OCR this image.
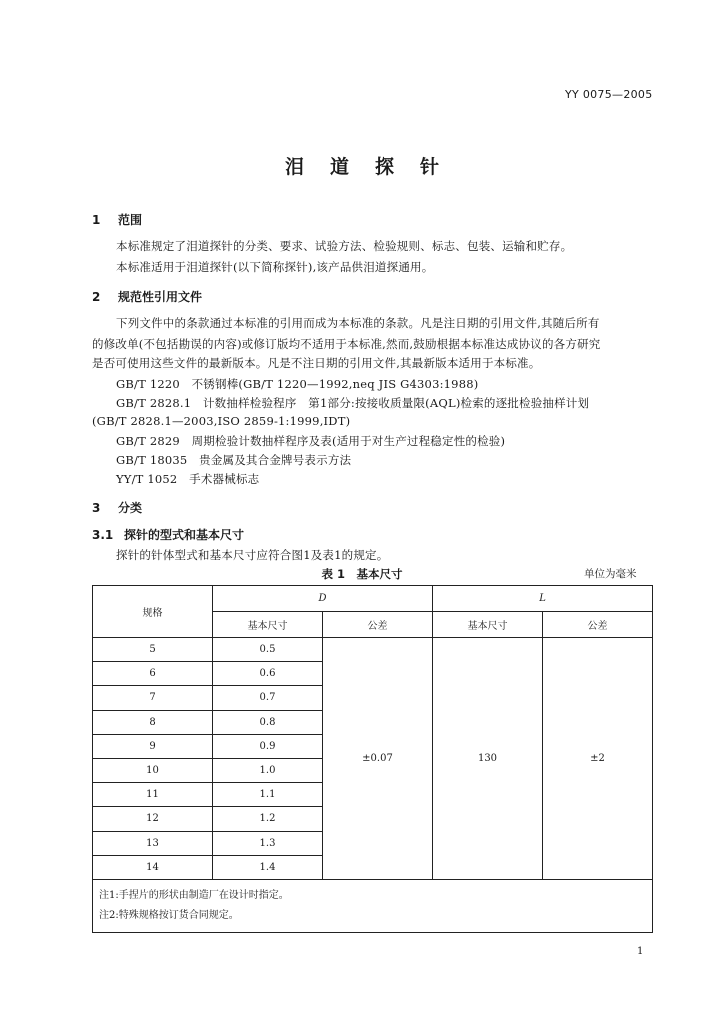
YY 0075—2005
泪道探针
1 范围
本标准规定了泪道探针的分类、要求、试验方法、检验规则、标志、包装、运输和贮存。
本标准适用于泪道探针(以下简称探针),该产品供泪道探通用。
2 规范性引用文件
下列文件中的条款通过本标准的引用而成为本标准的条款。凡是注日期的引用文件,其随后所有
的修改单(不包括勘误的内容)或修订版均不适用于本标准,然而,鼓励根据本标准达成协议的各方研究
是否可使用这些文件的最新版本。凡是不注日期的引用文件,其最新版本适用于本标准。
GB/T 1220　不锈钢棒(GB/T 1220—1992,neq JIS G4303:1988)
GB/T 2828.1　计数抽样检验程序　第1部分:按接收质量限(AQL)检索的逐批检验抽样计划
(GB/T 2828.1—2003,ISO 2859-1:1999,IDT)
GB/T 2829　周期检验计数抽样程序及表(适用于对生产过程稳定性的检验)
GB/T 18035　贵金属及其合金牌号表示方法
YY/T 1052　手术器械标志
3 分类
3.1 探针的型式和基本尺寸
探针的针体型式和基本尺寸应符合图1及表1的规定。
表 1　基本尺寸	单位为毫米
规格	D		L	
	基本尺寸	公差	基本尺寸	公差
5	0.5	±0.07	130	±2
6	0.6			
7	0.7			
8	0.8			
9	0.9			
10	1.0			
11	1.1			
12	1.2			
13	1.3			
14	1.4			

注1:手捏片的形状由制造厂在设计时指定。
注2:特殊规格按订货合同规定。				
1
